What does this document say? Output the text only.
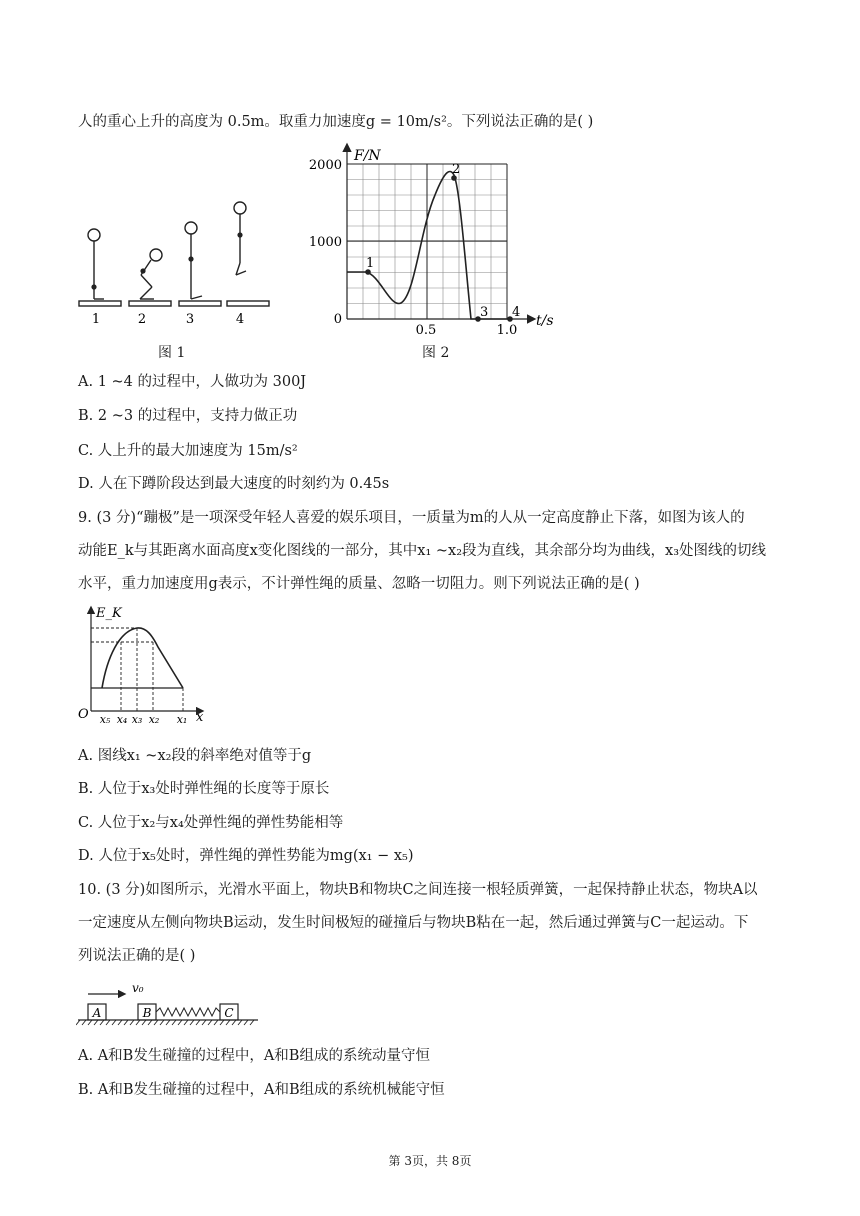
人的重心上升的高度为 0.5m。取重力加速度g = 10m/s²。下列说法正确的是( )
1	2	3	4
图 1
F/N
t/s
0
1000
2000
0.5	1.0
1
2
3 4
图 2
A. 1 ~4 的过程中，人做功为 300J
B. 2 ~3 的过程中，支持力做正功
C. 人上升的最大加速度为 15m/s²
D. 人在下蹲阶段达到最大速度的时刻约为 0.45s
9. (3 分)“蹦极”是一项深受年轻人喜爱的娱乐项目，一质量为m的人从一定高度静止下落，如图为该人的
动能E_k与其距离水面高度x变化图线的一部分，其中x₁ ~x₂段为直线，其余部分均为曲线，x₃处图线的切线
水平，重力加速度用g表示，不计弹性绳的质量、忽略一切阻力。则下列说法正确的是( )
E_K
O	x
x₅ x₄ x₃ x₂ x₁
A. 图线x₁ ~x₂段的斜率绝对值等于g
B. 人位于x₃处时弹性绳的长度等于原长
C. 人位于x₂与x₄处弹性绳的弹性势能相等
D. 人位于x₅处时，弹性绳的弹性势能为mg(x₁ − x₅)
10. (3 分)如图所示，光滑水平面上，物块B和物块C之间连接一根轻质弹簧，一起保持静止状态，物块A以
一定速度从左侧向物块B运动，发生时间极短的碰撞后与物块B粘在一起，然后通过弹簧与C一起运动。下
列说法正确的是( )
v₀
A	B	C
A. A和B发生碰撞的过程中，A和B组成的系统动量守恒
B. A和B发生碰撞的过程中，A和B组成的系统机械能守恒
第 3页，共 8页
